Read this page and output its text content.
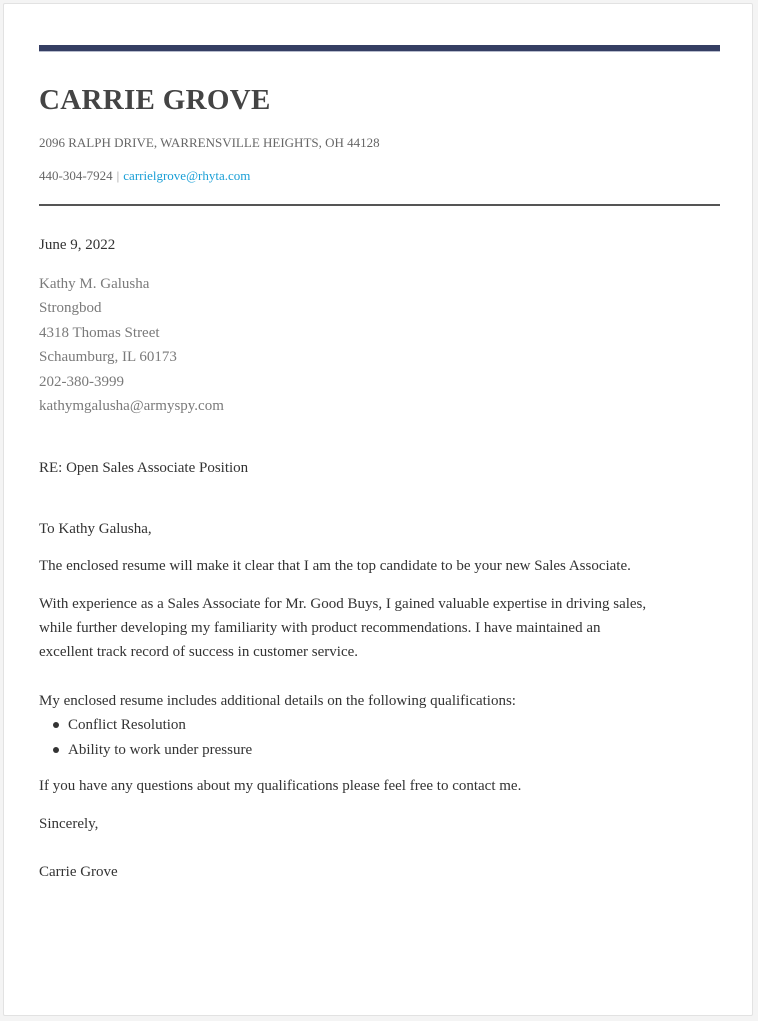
CARRIE GROVE
2096 RALPH DRIVE, WARRENSVILLE HEIGHTS, OH 44128
440-304-7924 | carrielgrove@rhyta.com
June 9, 2022
Kathy M. Galusha
Strongbod
4318 Thomas Street
Schaumburg, IL 60173
202-380-3999
kathymgalusha@armyspy.com
RE: Open Sales Associate Position
To Kathy Galusha,
The enclosed resume will make it clear that I am the top candidate to be your new Sales Associate.
With experience as a Sales Associate for Mr. Good Buys, I gained valuable expertise in driving sales,
while further developing my familiarity with product recommendations. I have maintained an
excellent track record of success in customer service.
My enclosed resume includes additional details on the following qualifications:
Conflict Resolution
Ability to work under pressure
If you have any questions about my qualifications please feel free to contact me.
Sincerely,
Carrie Grove
